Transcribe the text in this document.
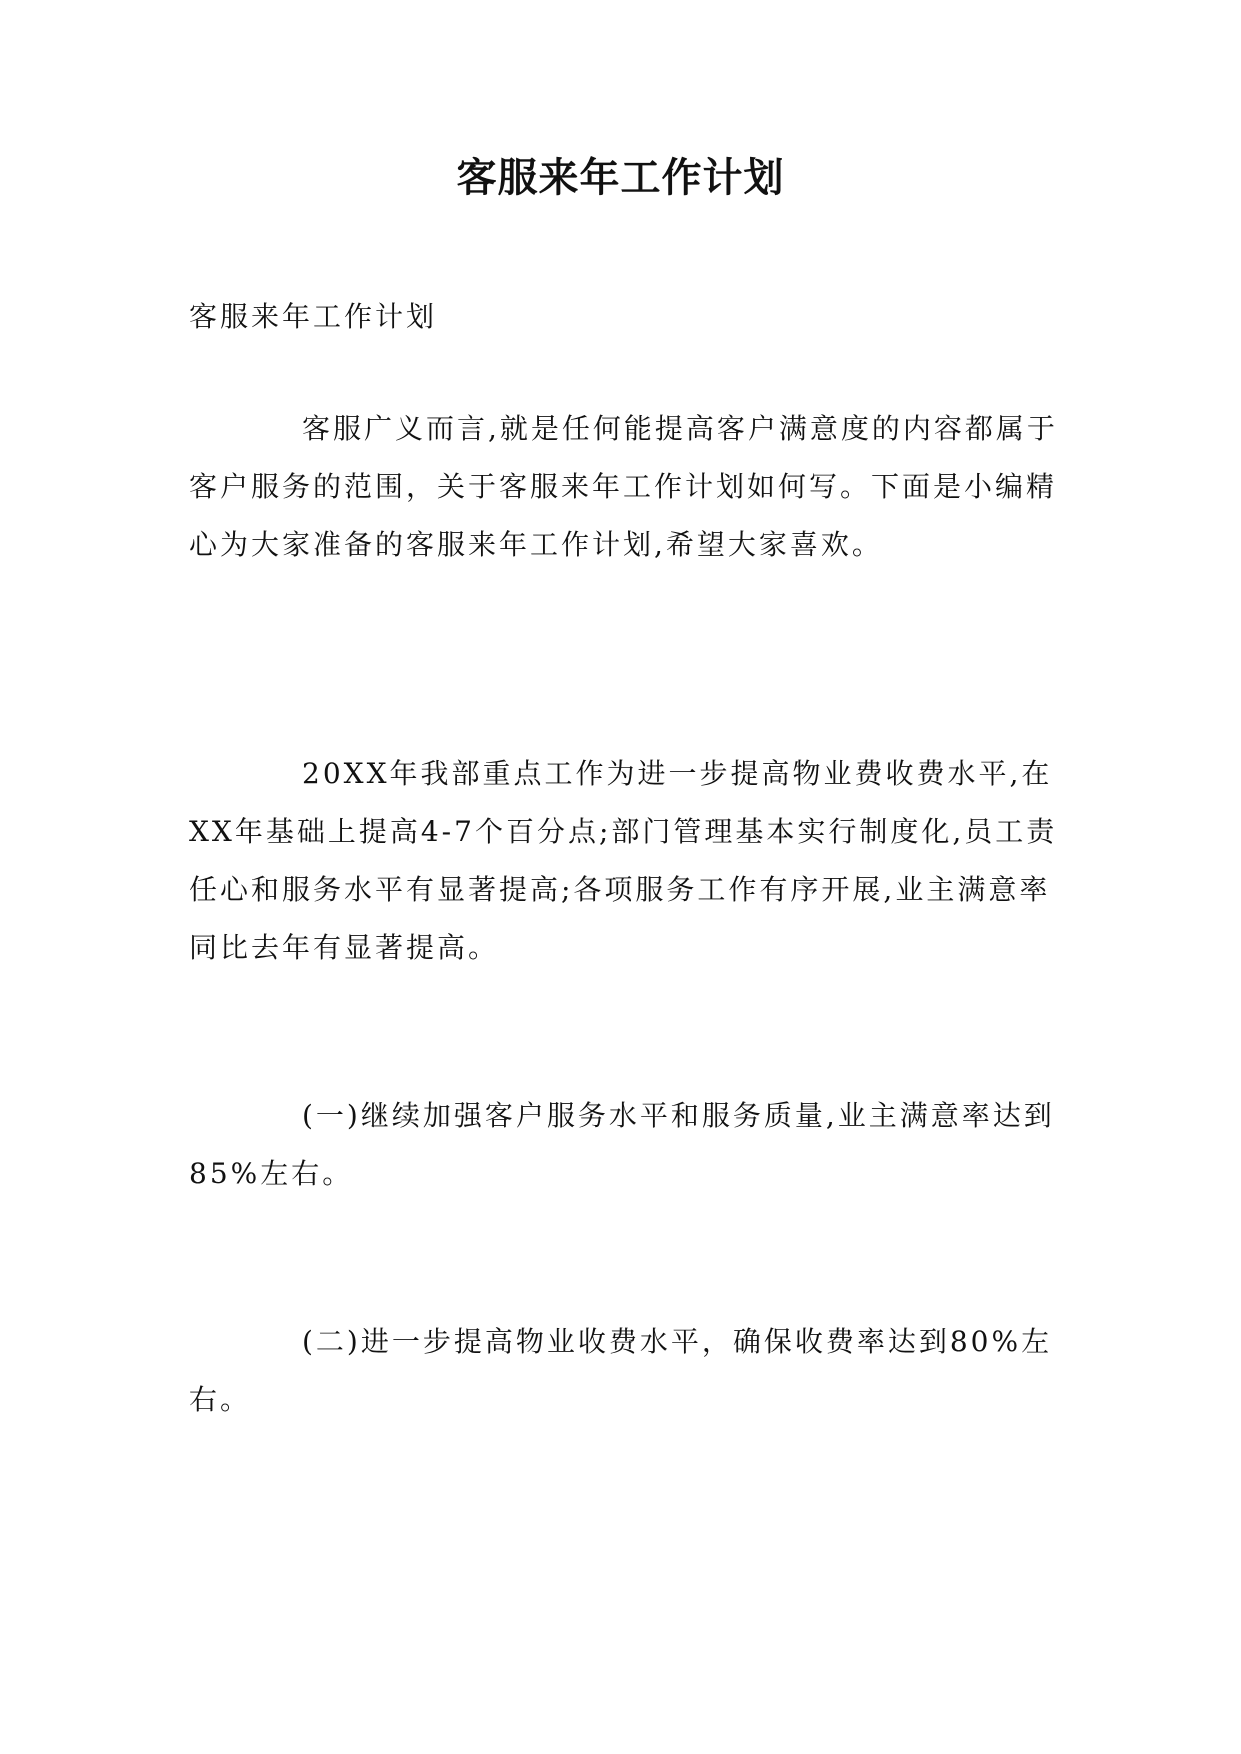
客服来年工作计划
客服来年工作计划
客服广义而言,就是任何能提高客户满意度的内容都属于客户服务的范围，关于客服来年工作计划如何写。下面是小编精心为大家准备的客服来年工作计划,希望大家喜欢。
20XX年我部重点工作为进一步提高物业费收费水平,在XX年基础上提高4-7个百分点;部门管理基本实行制度化,员工责任心和服务水平有显著提高;各项服务工作有序开展,业主满意率同比去年有显著提高。
(一)继续加强客户服务水平和服务质量,业主满意率达到85%左右。
(二)进一步提高物业收费水平，确保收费率达到80%左右。
